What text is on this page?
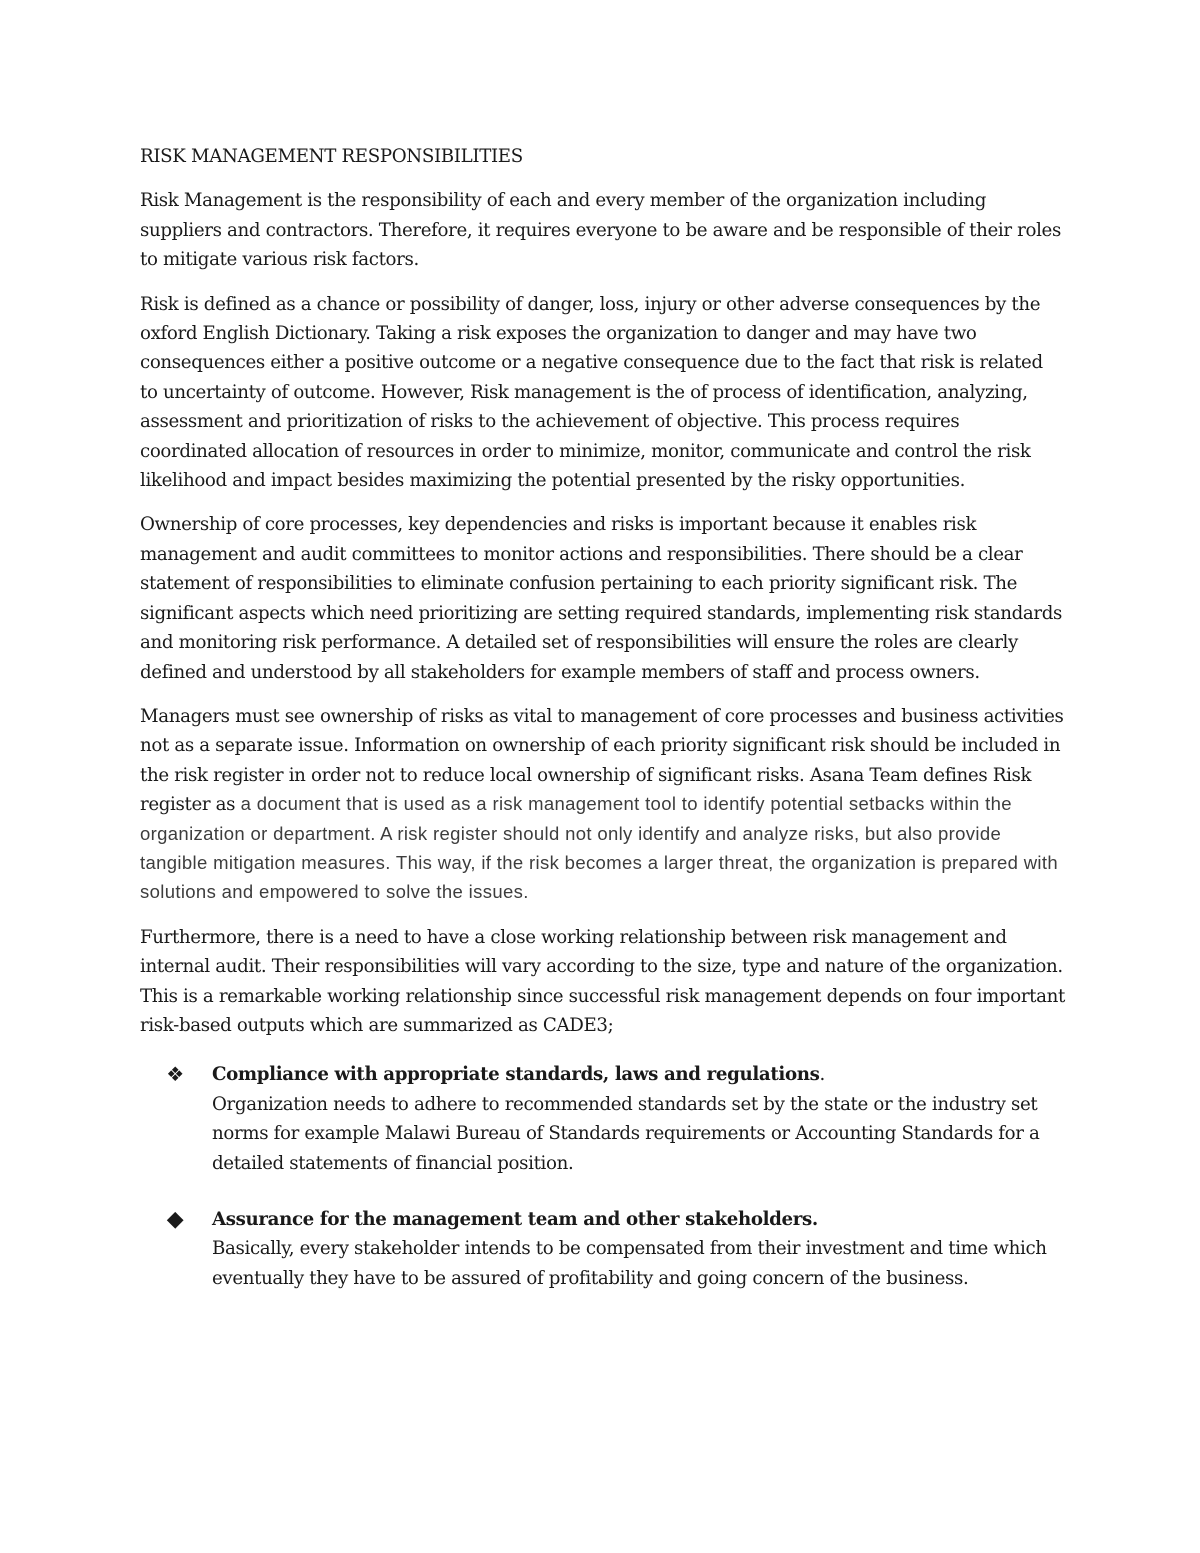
RISK MANAGEMENT RESPONSIBILITIES

Risk Management is the responsibility of each and every member of the organization including suppliers and contractors. Therefore, it requires everyone to be aware and be responsible of their roles to mitigate various risk factors.

Risk is defined as a chance or possibility of danger, loss, injury or other adverse consequences by the oxford English Dictionary. Taking a risk exposes the organization to danger and may have two consequences either a positive outcome or a negative consequence due to the fact that risk is related to uncertainty of outcome. However, Risk management is the of process of identification, analyzing, assessment and prioritization of risks to the achievement of objective. This process requires coordinated allocation of resources in order to minimize, monitor, communicate and control the risk likelihood and impact besides maximizing the potential presented by the risky opportunities.

Ownership of core processes, key dependencies and risks is important because it enables risk management and audit committees to monitor actions and responsibilities. There should be a clear statement of responsibilities to eliminate confusion pertaining to each priority significant risk. The significant aspects which need prioritizing are setting required standards, implementing risk standards and monitoring risk performance. A detailed set of responsibilities will ensure the roles are clearly defined and understood by all stakeholders for example members of staff and process owners.

Managers must see ownership of risks as vital to management of core processes and business activities not as a separate issue. Information on ownership of each priority significant risk should be included in the risk register in order not to reduce local ownership of significant risks. Asana Team defines Risk register as a document that is used as a risk management tool to identify potential setbacks within the organization or department. A risk register should not only identify and analyze risks, but also provide tangible mitigation measures. This way, if the risk becomes a larger threat, the organization is prepared with solutions and empowered to solve the issues.

Furthermore, there is a need to have a close working relationship between risk management and internal audit. Their responsibilities will vary according to the size, type and nature of the organization. This is a remarkable working relationship since successful risk management depends on four important risk-based outputs which are summarized as CADE3;

❖ Compliance with appropriate standards, laws and regulations.
Organization needs to adhere to recommended standards set by the state or the industry set norms for example Malawi Bureau of Standards requirements or Accounting Standards for a detailed statements of financial position.
◆ Assurance for the management team and other stakeholders.
Basically, every stakeholder intends to be compensated from their investment and time which eventually they have to be assured of profitability and going concern of the business.
